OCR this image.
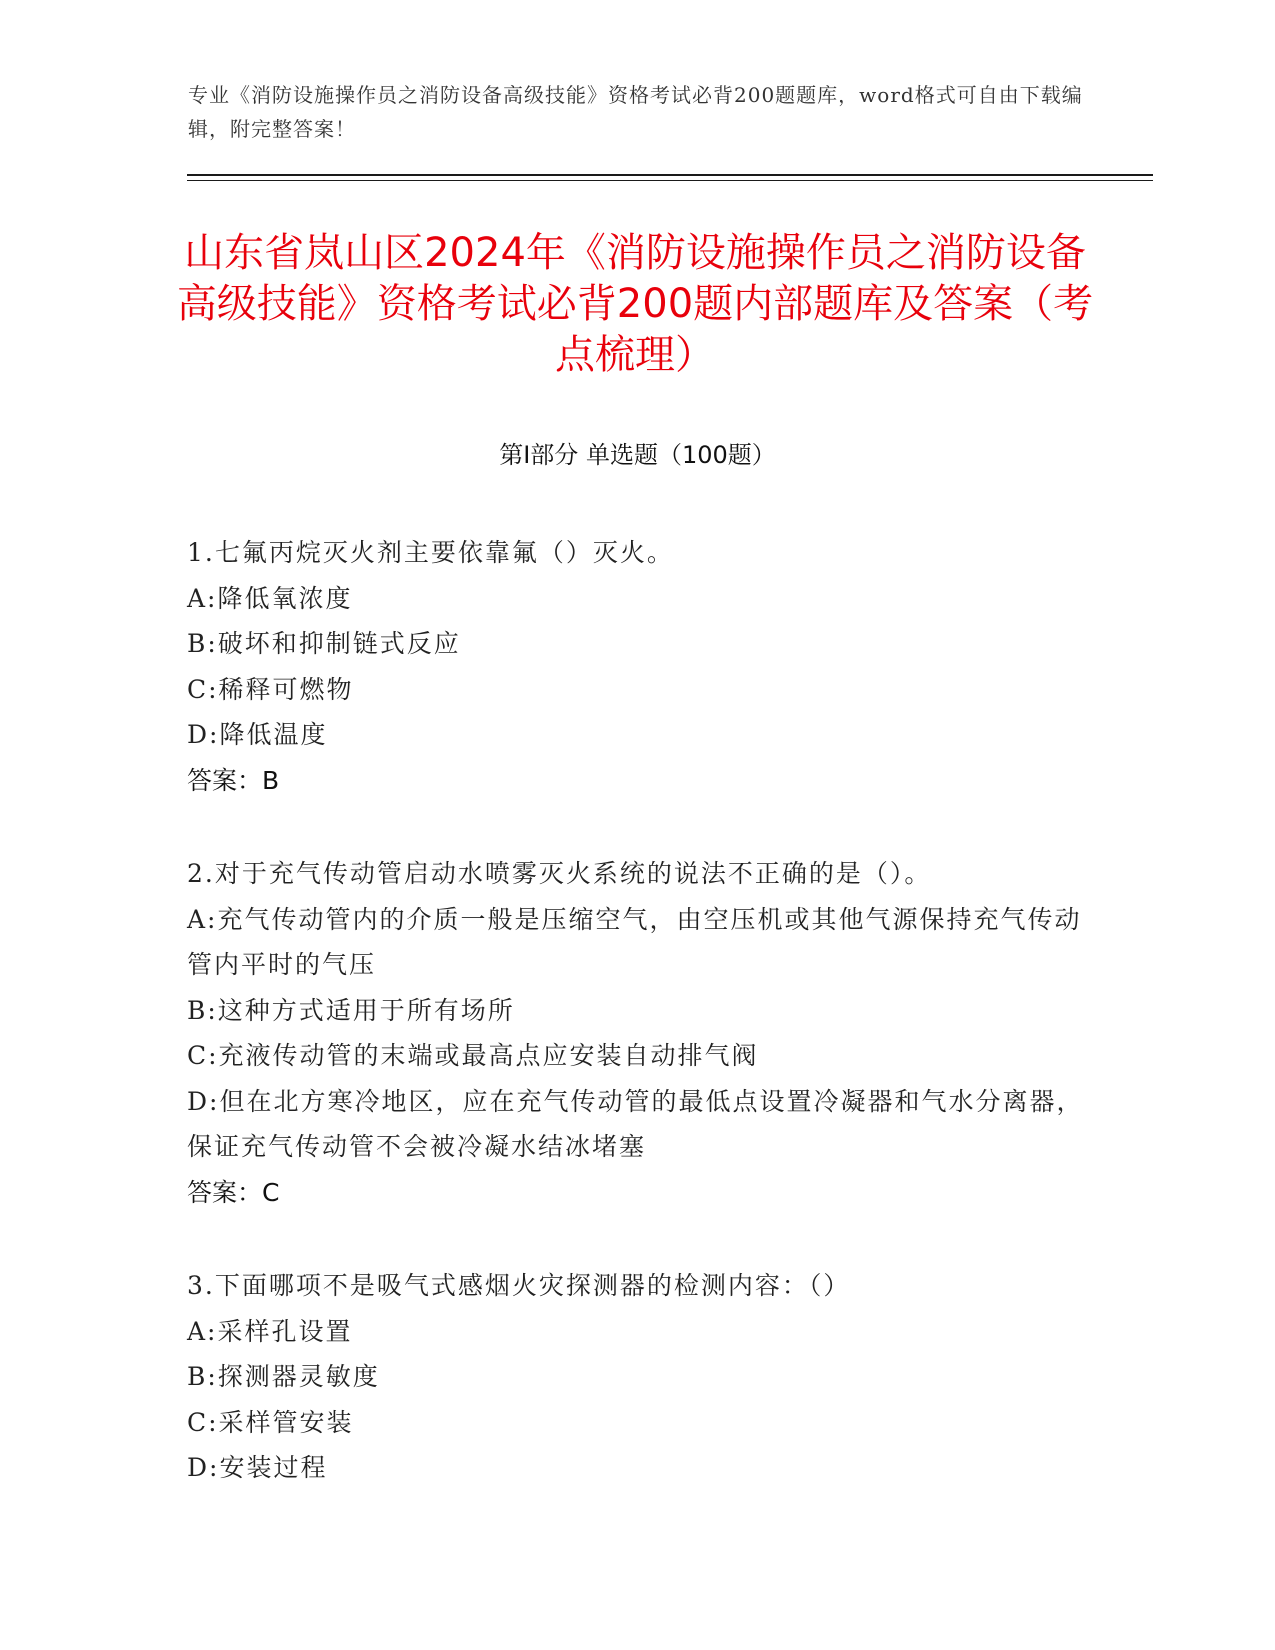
专业《消防设施操作员之消防设备高级技能》资格考试必背200题题库，word格式可自由下载编辑，附完整答案！
山东省岚山区2024年《消防设施操作员之消防设备高级技能》资格考试必背200题内部题库及答案（考点梳理）
第Ⅰ部分 单选题（100题）
1.七氟丙烷灭火剂主要依靠氟（）灭火。
A:降低氧浓度
B:破坏和抑制链式反应
C:稀释可燃物
D:降低温度
答案：B
2.对于充气传动管启动水喷雾灭火系统的说法不正确的是（）。
A:充气传动管内的介质一般是压缩空气，由空压机或其他气源保持充气传动管内平时的气压
B:这种方式适用于所有场所
C:充液传动管的末端或最高点应安装自动排气阀
D:但在北方寒冷地区，应在充气传动管的最低点设置冷凝器和气水分离器，保证充气传动管不会被冷凝水结冰堵塞
答案：C
3.下面哪项不是吸气式感烟火灾探测器的检测内容：（）
A:采样孔设置
B:探测器灵敏度
C:采样管安装
D:安装过程
